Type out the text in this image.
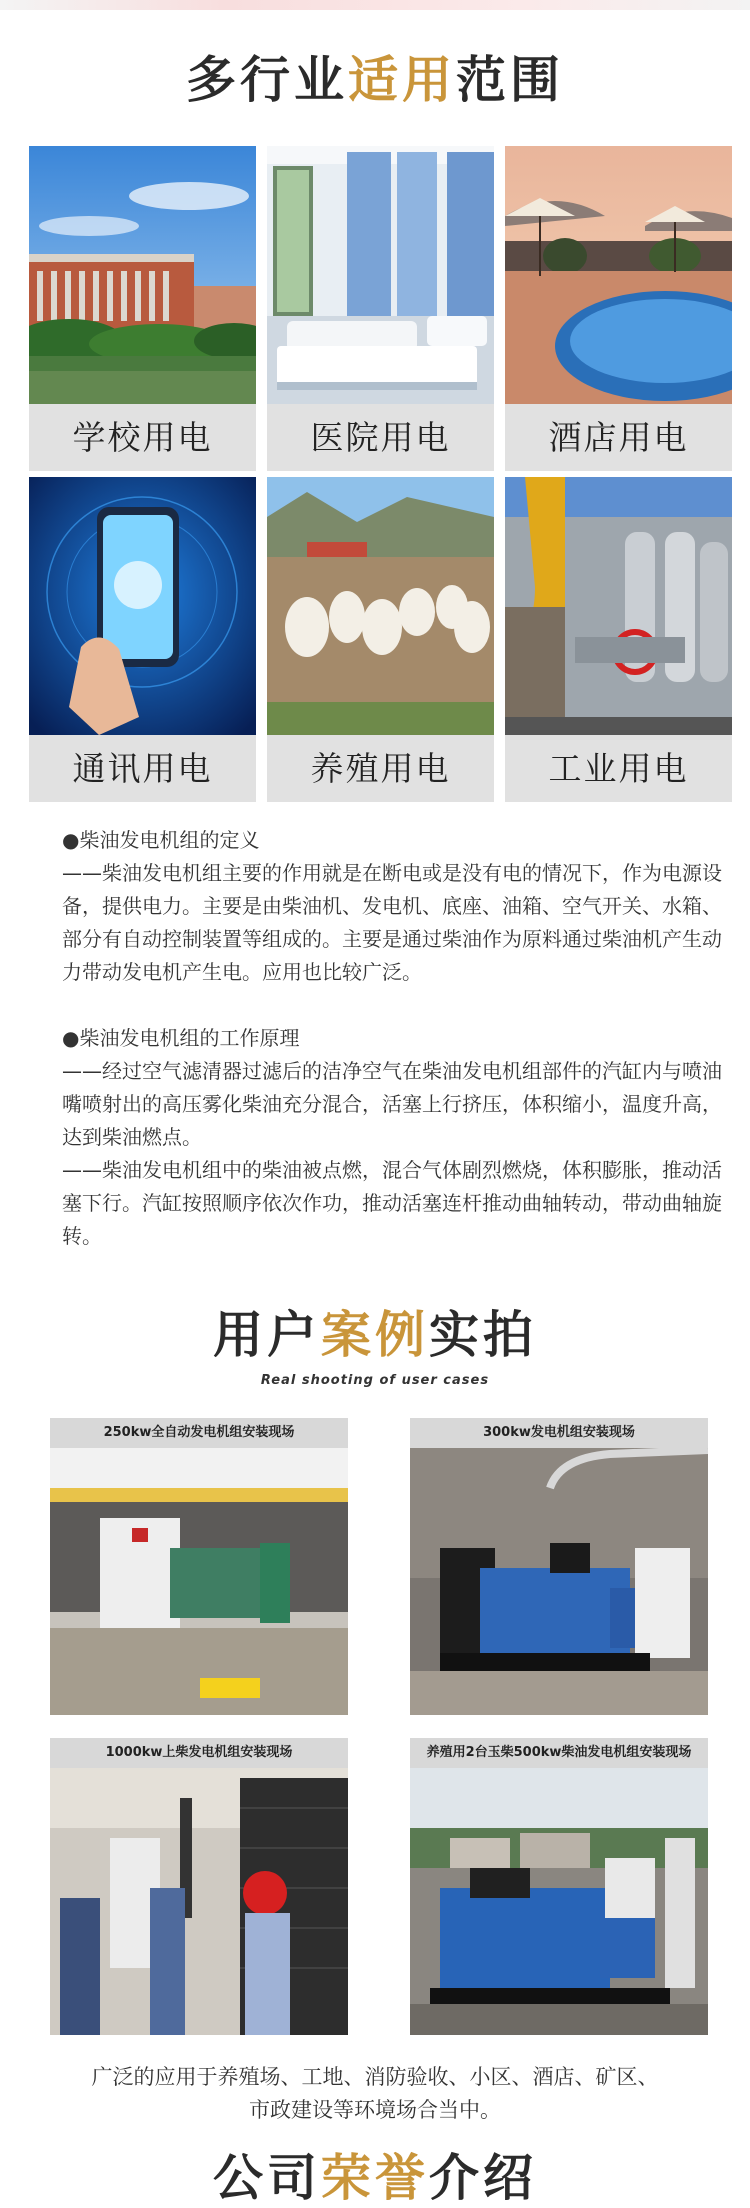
多行业适用范围
学校用电	医院用电	酒店用电
通讯用电	养殖用电	工业用电
●柴油发电机组的定义
——柴油发电机组主要的作用就是在断电或是没有电的情况下，作为电源设备，提供电力。主要是由柴油机、发电机、底座、油箱、空气开关、水箱、部分有自动控制装置等组成的。主要是通过柴油作为原料通过柴油机产生动力带动发电机产生电。应用也比较广泛。
●柴油发电机组的工作原理
——经过空气滤清器过滤后的洁净空气在柴油发电机组部件的汽缸内与喷油嘴喷射出的高压雾化柴油充分混合，活塞上行挤压，体积缩小，温度升高，达到柴油燃点。
——柴油发电机组中的柴油被点燃，混合气体剧烈燃烧，体积膨胀，推动活塞下行。汽缸按照顺序依次作功，推动活塞连杆推动曲轴转动，带动曲轴旋转。
用户案例实拍
Real shooting of user cases
250kw全自动发电机组安装现场	300kw发电机组安装现场
1000kw上柴发电机组安装现场	养殖用2台玉柴500kw柴油发电机组安装现场
广泛的应用于养殖场、工地、消防验收、小区、酒店、矿区、
市政建设等环境场合当中。
公司荣誉介绍
